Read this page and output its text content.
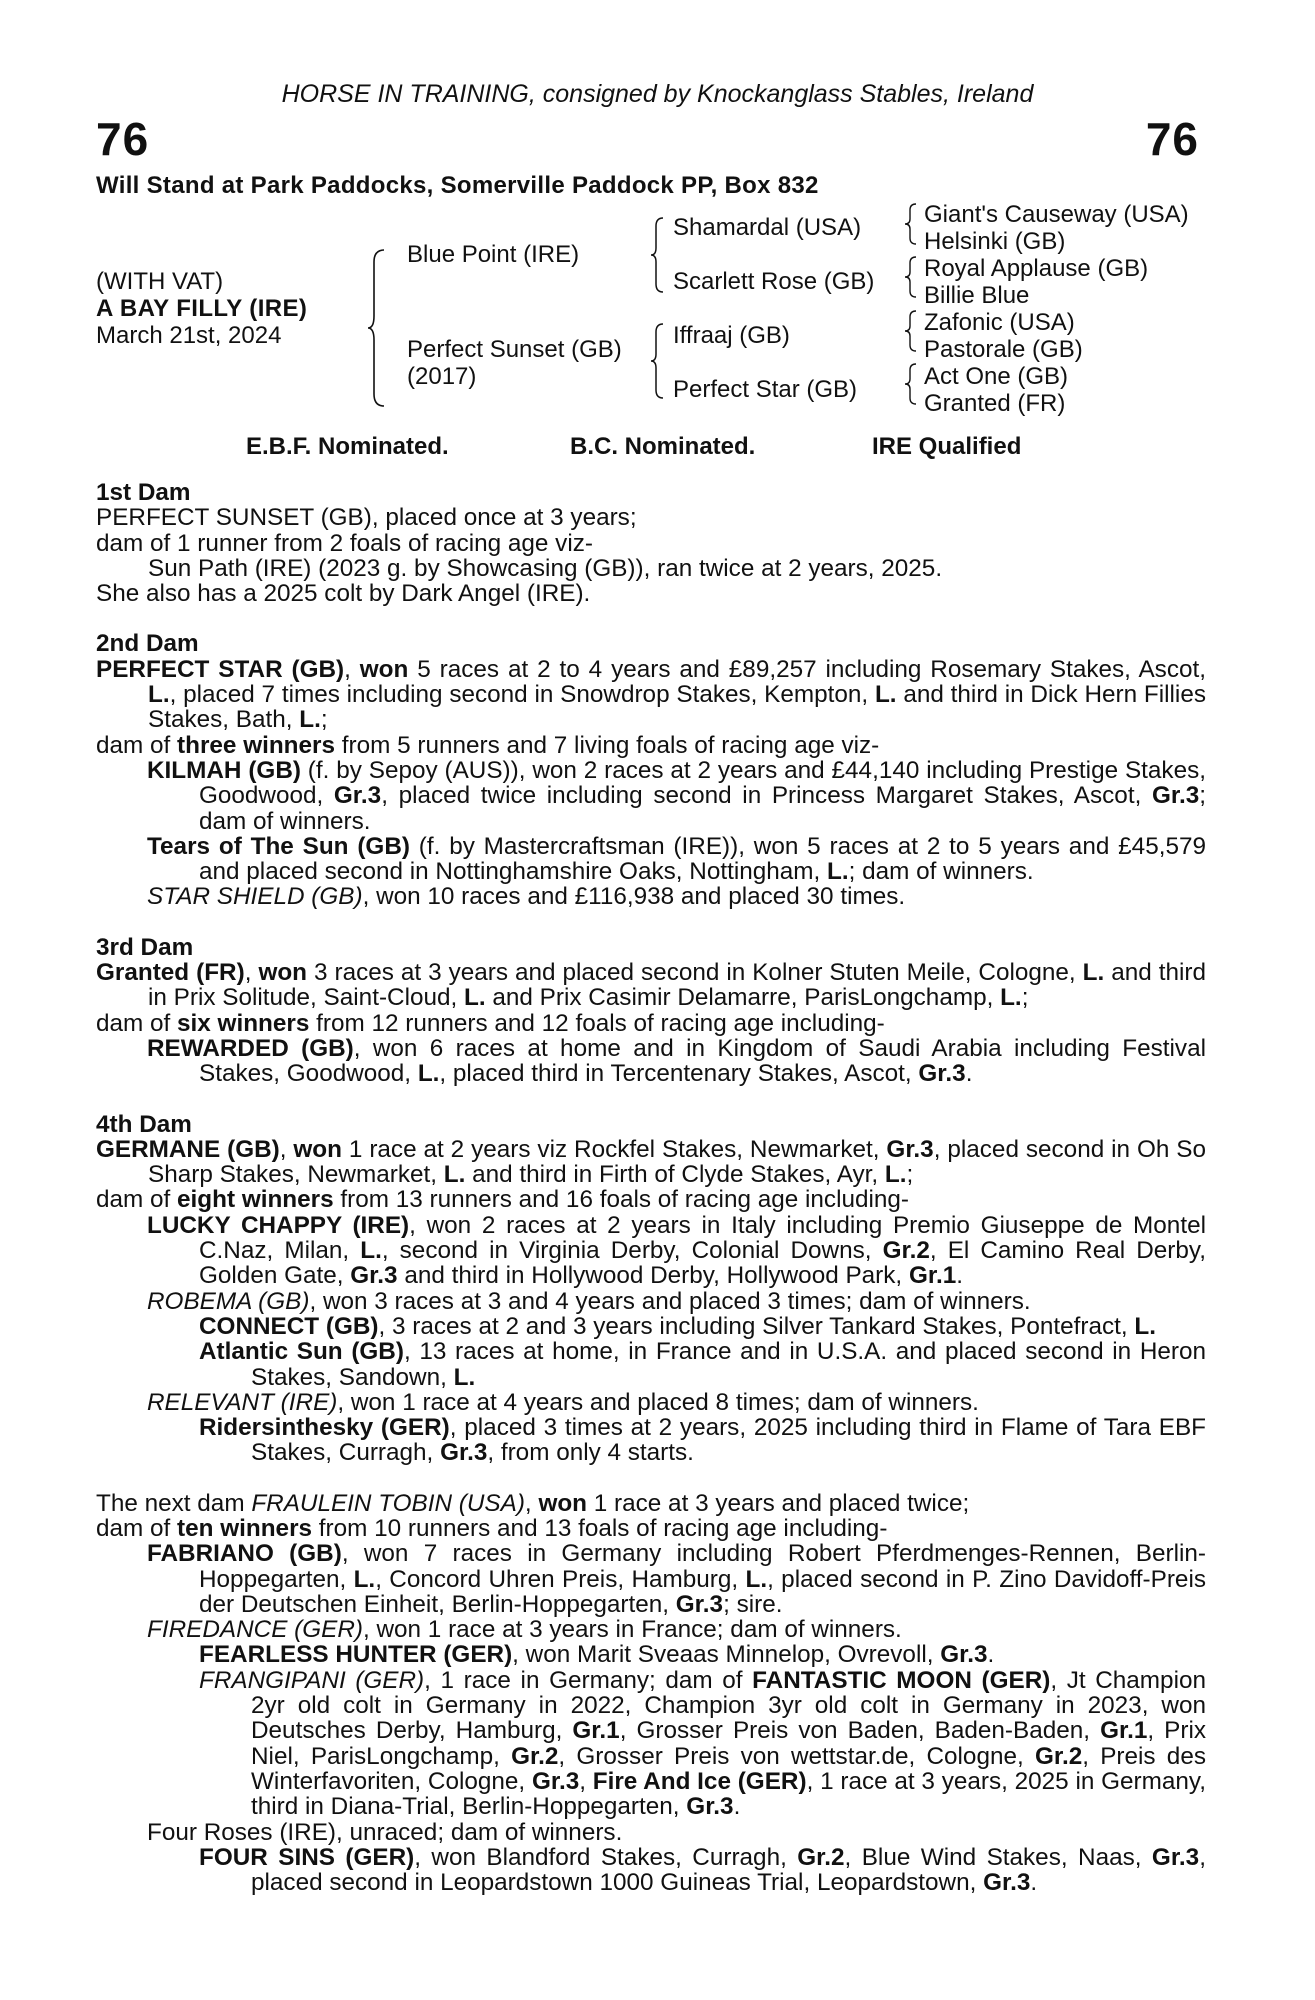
HORSE IN TRAINING, consigned by Knockanglass Stables, Ireland
76	76
Will Stand at Park Paddocks, Somerville Paddock PP, Box 832
(WITH VAT)
A BAY FILLY (IRE)
March 21st, 2024
Blue Point (IRE)
Perfect Sunset (GB)
(2017)
Shamardal (USA)
Scarlett Rose (GB)
Iffraaj (GB)
Perfect Star (GB)
Giant's Causeway (USA)
Helsinki (GB)
Royal Applause (GB)
Billie Blue
Zafonic (USA)
Pastorale (GB)
Act One (GB)
Granted (FR)
E.B.F. Nominated.	B.C. Nominated.	IRE Qualified

1st Dam

PERFECT SUNSET (GB), placed once at 3 years;

dam of 1 runner from 2 foals of racing age viz-

Sun Path (IRE) (2023 g. by Showcasing (GB)), ran twice at 2 years, 2025.

She also has a 2025 colt by Dark Angel (IRE).

2nd Dam

PERFECT STAR (GB), won 5 races at 2 to 4 years and £89,257 including Rosemary Stakes, Ascot, L., placed 7 times including second in Snowdrop Stakes, Kempton, L. and third in Dick Hern Fillies Stakes, Bath, L.;

dam of three winners from 5 runners and 7 living foals of racing age viz-

KILMAH (GB) (f. by Sepoy (AUS)), won 2 races at 2 years and £44,140 including Prestige Stakes, Goodwood, Gr.3, placed twice including second in Princess Margaret Stakes, Ascot, Gr.3; dam of winners.

Tears of The Sun (GB) (f. by Mastercraftsman (IRE)), won 5 races at 2 to 5 years and £45,579 and placed second in Nottinghamshire Oaks, Nottingham, L.; dam of winners.

STAR SHIELD (GB), won 10 races and £116,938 and placed 30 times.

3rd Dam

Granted (FR), won 3 races at 3 years and placed second in Kolner Stuten Meile, Cologne, L. and third in Prix Solitude, Saint-Cloud, L. and Prix Casimir Delamarre, ParisLongchamp, L.;

dam of six winners from 12 runners and 12 foals of racing age including-

REWARDED (GB), won 6 races at home and in Kingdom of Saudi Arabia including Festival Stakes, Goodwood, L., placed third in Tercentenary Stakes, Ascot, Gr.3.

4th Dam

GERMANE (GB), won 1 race at 2 years viz Rockfel Stakes, Newmarket, Gr.3, placed second in Oh So Sharp Stakes, Newmarket, L. and third in Firth of Clyde Stakes, Ayr, L.;

dam of eight winners from 13 runners and 16 foals of racing age including-

LUCKY CHAPPY (IRE), won 2 races at 2 years in Italy including Premio Giuseppe de Montel C.Naz, Milan, L., second in Virginia Derby, Colonial Downs, Gr.2, El Camino Real Derby, Golden Gate, Gr.3 and third in Hollywood Derby, Hollywood Park, Gr.1.

ROBEMA (GB), won 3 races at 3 and 4 years and placed 3 times; dam of winners.

CONNECT (GB), 3 races at 2 and 3 years including Silver Tankard Stakes, Pontefract, L.

Atlantic Sun (GB), 13 races at home, in France and in U.S.A. and placed second in Heron Stakes, Sandown, L.

RELEVANT (IRE), won 1 race at 4 years and placed 8 times; dam of winners.

Ridersinthesky (GER), placed 3 times at 2 years, 2025 including third in Flame of Tara EBF Stakes, Curragh, Gr.3, from only 4 starts.

The next dam FRAULEIN TOBIN (USA), won 1 race at 3 years and placed twice;

dam of ten winners from 10 runners and 13 foals of racing age including-

FABRIANO (GB), won 7 races in Germany including Robert Pferdmenges-Rennen, Berlin-Hoppegarten, L., Concord Uhren Preis, Hamburg, L., placed second in P. Zino Davidoff-Preis der Deutschen Einheit, Berlin-Hoppegarten, Gr.3; sire.

FIREDANCE (GER), won 1 race at 3 years in France; dam of winners.

FEARLESS HUNTER (GER), won Marit Sveaas Minnelop, Ovrevoll, Gr.3.

FRANGIPANI (GER), 1 race in Germany; dam of FANTASTIC MOON (GER), Jt Champion 2yr old colt in Germany in 2022, Champion 3yr old colt in Germany in 2023, won Deutsches Derby, Hamburg, Gr.1, Grosser Preis von Baden, Baden-Baden, Gr.1, Prix Niel, ParisLongchamp, Gr.2, Grosser Preis von wettstar.de, Cologne, Gr.2, Preis des Winterfavoriten, Cologne, Gr.3, Fire And Ice (GER), 1 race at 3 years, 2025 in Germany, third in Diana-Trial, Berlin-Hoppegarten, Gr.3.

Four Roses (IRE), unraced; dam of winners.

FOUR SINS (GER), won Blandford Stakes, Curragh, Gr.2, Blue Wind Stakes, Naas, Gr.3, placed second in Leopardstown 1000 Guineas Trial, Leopardstown, Gr.3.
